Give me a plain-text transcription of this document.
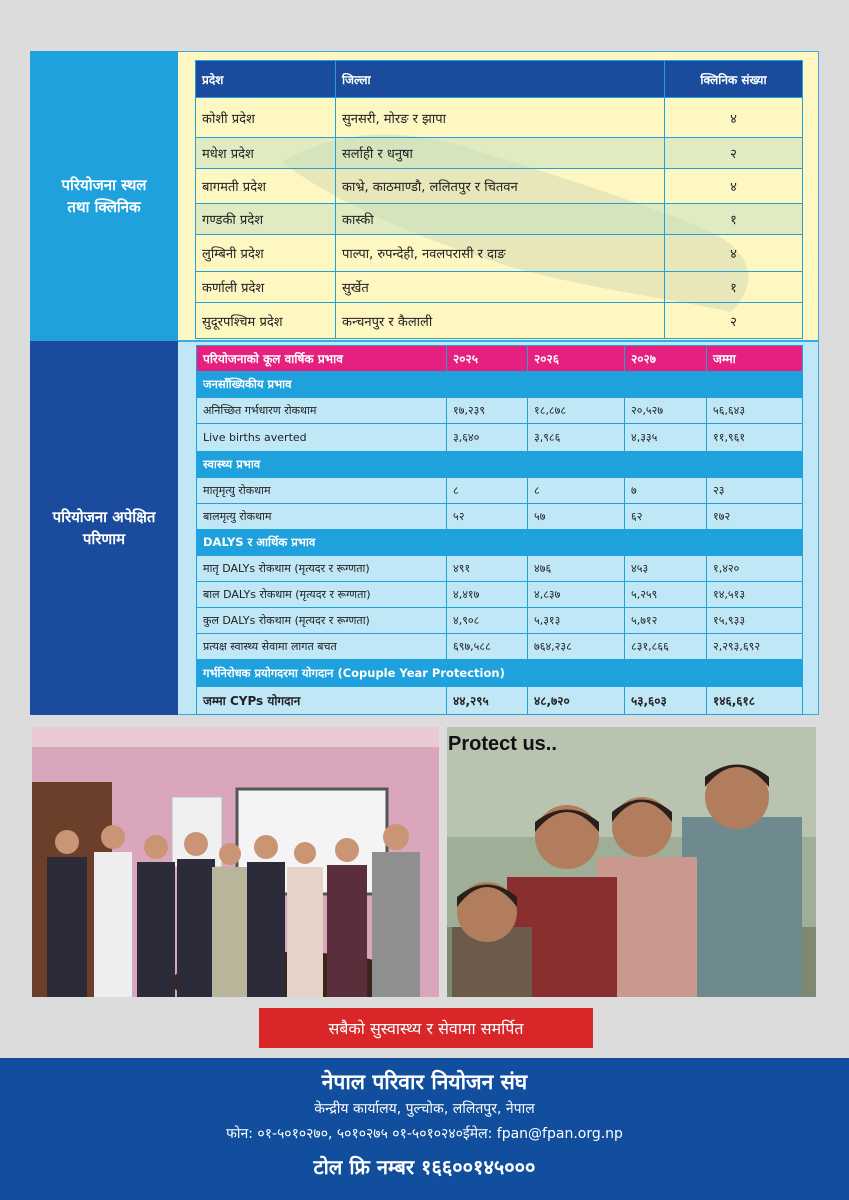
परियोजना स्थल
तथा क्लिनिक
प्रदेश	जिल्ला	क्लिनिक संख्या
कोशी प्रदेश	सुनसरी, मोरङ र झापा	४
मधेश प्रदेश	सर्लाही र धनुषा	२
बागमती प्रदेश	काभ्रे, काठमाण्डौ, ललितपुर र चितवन	४
गण्डकी प्रदेश	कास्की	१
लुम्बिनी प्रदेश	पाल्पा, रुपन्देही, नवलपरासी र दाङ	४
कर्णाली प्रदेश	सुर्खेत	१
सुदूरपश्चिम प्रदेश	कन्चनपुर र कैलाली	२
परियोजना अपेक्षित
परिणाम
परियोजनाको कूल वार्षिक प्रभाव	२०२५	२०२६	२०२७	जम्मा
जनसाँख्यिकीय प्रभाव				
अनिच्छित गर्भधारण रोकथाम	१७,२३९	१८,८७८	२०,५२७	५६,६४३
Live births averted	३,६४०	३,९८६	४,३३५	११,९६१
स्वास्थ्य प्रभाव				
मातृमृत्यु रोकथाम	८	८	७	२३
बालमृत्यु रोकथाम	५२	५७	६२	१७२
DALYS र आर्थिक प्रभाव				
मातृ DALYs रोकथाम (मृत्यदर र रूग्णता)	४९१	४७६	४५३	१,४२०
बाल DALYs रोकथाम (मृत्यदर र रूग्णता)	४,४१७	४,८३७	५,२५९	१४,५१३
कुल DALYs रोकथाम (मृत्यदर र रूग्णता)	४,९०८	५,३१३	५,७१२	१५,९३३
प्रत्यक्ष स्वास्थ्य सेवामा लागत बचत	६९७,५८८	७६४,२३८	८३१,८६६	२,२९३,६९२
गर्भनिरोधक प्रयोगदरमा योगदान (Copuple Year Protection)				
जम्मा CYPs योगदान	४४,२९५	४८,७२०	५३,६०३	१४६,६१८
Protect us..
सबैको सुस्वास्थ्य र सेवामा समर्पित
नेपाल परिवार नियोजन संघ
केन्द्रीय कार्यालय, पुल्चोक, ललितपुर, नेपाल
फोन: ०१-५०१०२७०, ५०१०२७५ ०१-५०१०२४०ईमेल: fpan@fpan.org.np
टोल फ्रि नम्बर १६६००१४५०००
